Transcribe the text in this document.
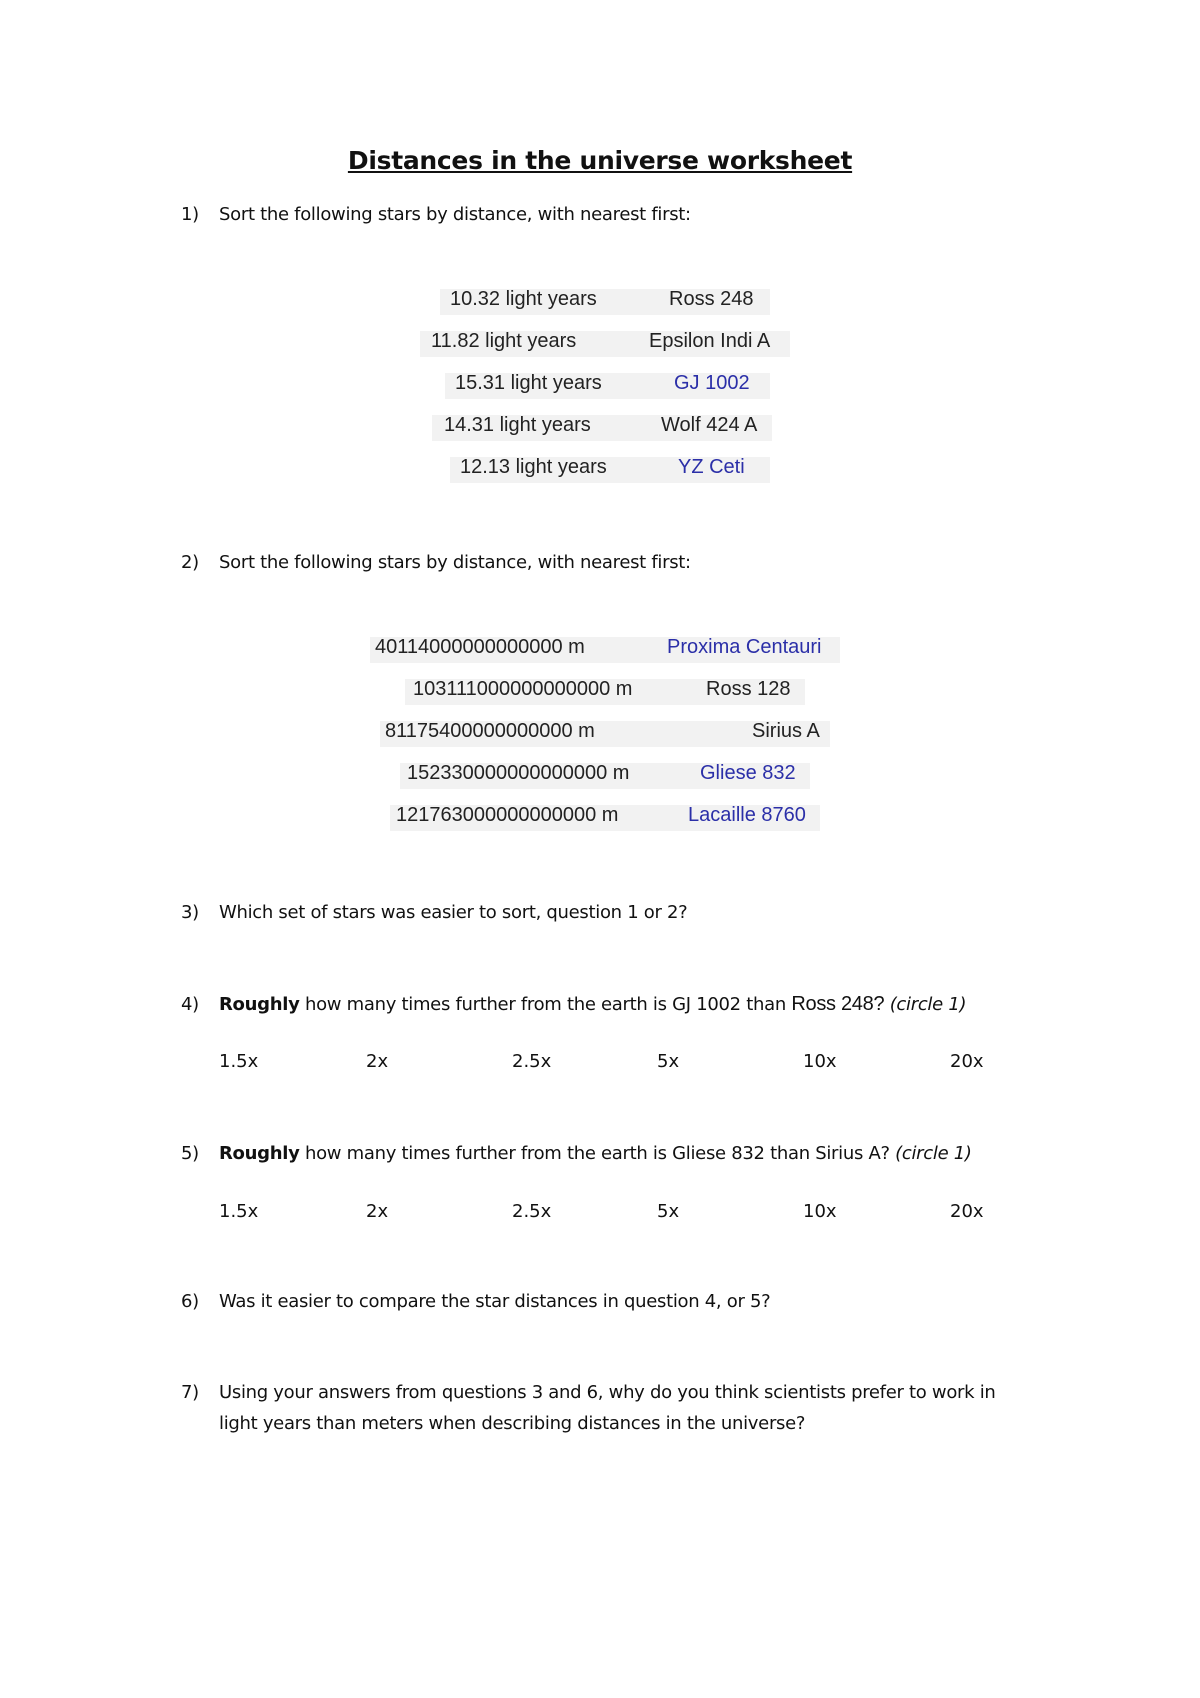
Distances in the universe worksheet
1) Sort the following stars by distance, with nearest first:
10.32 light years	Ross 248
11.82 light years	Epsilon Indi A
15.31 light years	GJ 1002
14.31 light years	Wolf 424 A
12.13 light years	YZ Ceti
2) Sort the following stars by distance, with nearest first:
40114000000000000 m	Proxima Centauri
103111000000000000 m	Ross 128
81175400000000000 m	Sirius A
152330000000000000 m	Gliese 832
121763000000000000 m	Lacaille 8760
3) Which set of stars was easier to sort, question 1 or 2?
4) Roughly how many times further from the earth is GJ 1002 than Ross 248? (circle 1)
1.5x	2x	2.5x	5x	10x	20x
5) Roughly how many times further from the earth is Gliese 832 than Sirius A? (circle 1)
1.5x	2x	2.5x	5x	10x	20x
6) Was it easier to compare the star distances in question 4, or 5?
7) Using your answers from questions 3 and 6, why do you think scientists prefer to work in light years than meters when describing distances in the universe?
